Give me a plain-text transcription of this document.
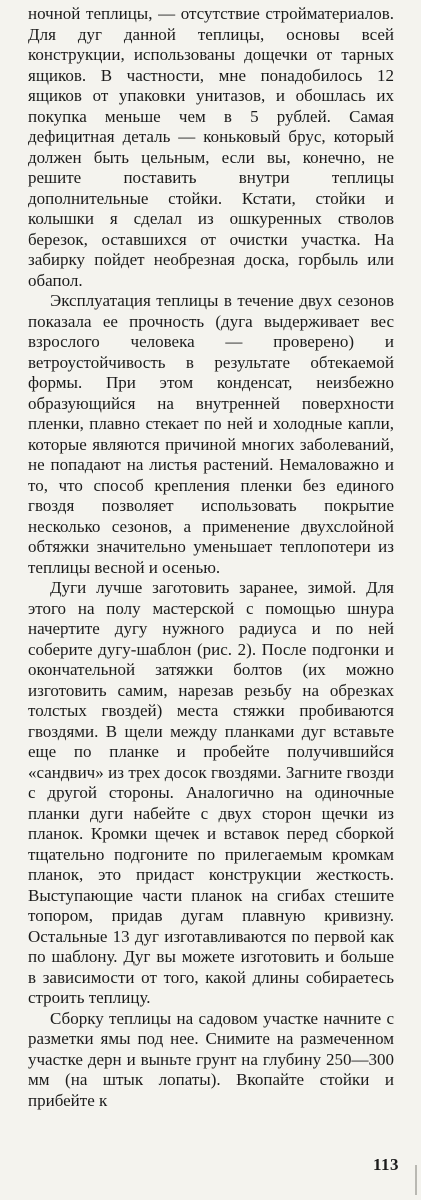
ночной теплицы, — отсутствие стройматериалов. Для дуг данной теплицы, основы всей конструкции, использованы дощечки от тарных ящиков. В частности, мне понадобилось 12 ящиков от упаковки унитазов, и обошлась их покупка меньше чем в 5 рублей. Самая дефицитная деталь — коньковый брус, который должен быть цельным, если вы, конечно, не решите поставить внутри теплицы дополнительные стойки. Кстати, стойки и колышки я сделал из ошкуренных стволов березок, оставшихся от очистки участка. На забирку пойдет необрезная доска, горбыль или обапол.

Эксплуатация теплицы в течение двух сезонов показала ее прочность (дуга выдерживает вес взрослого человека — проверено) и ветроустойчивость в результате обтекаемой формы. При этом конденсат, неизбежно образующийся на внутренней поверхности пленки, плавно стекает по ней и холодные капли, которые являются причиной многих заболеваний, не попадают на листья растений. Немаловажно и то, что способ крепления пленки без единого гвоздя позволяет использовать покрытие несколько сезонов, а применение двухслойной обтяжки значительно уменьшает теплопотери из теплицы весной и осенью.

Дуги лучше заготовить заранее, зимой. Для этого на полу мастерской с помощью шнура начертите дугу нужного радиуса и по ней соберите дугу-шаблон (рис. 2). После подгонки и окончательной затяжки болтов (их можно изготовить самим, нарезав резьбу на обрезках толстых гвоздей) места стяжки пробиваются гвоздями. В щели между планками дуг вставьте еще по планке и пробейте получившийся «сандвич» из трех досок гвоздями. Загните гвозди с другой стороны. Аналогично на одиночные планки дуги набейте с двух сторон щечки из планок. Кромки щечек и вставок перед сборкой тщательно подгоните по прилегаемым кромкам планок, это придаст конструкции жесткость. Выступающие части планок на сгибах стешите топором, придав дугам плавную кривизну. Остальные 13 дуг изготавливаются по первой как по шаблону. Дуг вы можете изготовить и больше в зависимости от того, какой длины собираетесь строить теплицу.

Сборку теплицы на садовом участке начните с разметки ямы под нее. Снимите на размеченном участке дерн и выньте грунт на глубину 250—300 мм (на штык лопаты). Вкопайте стойки и прибейте к

113
